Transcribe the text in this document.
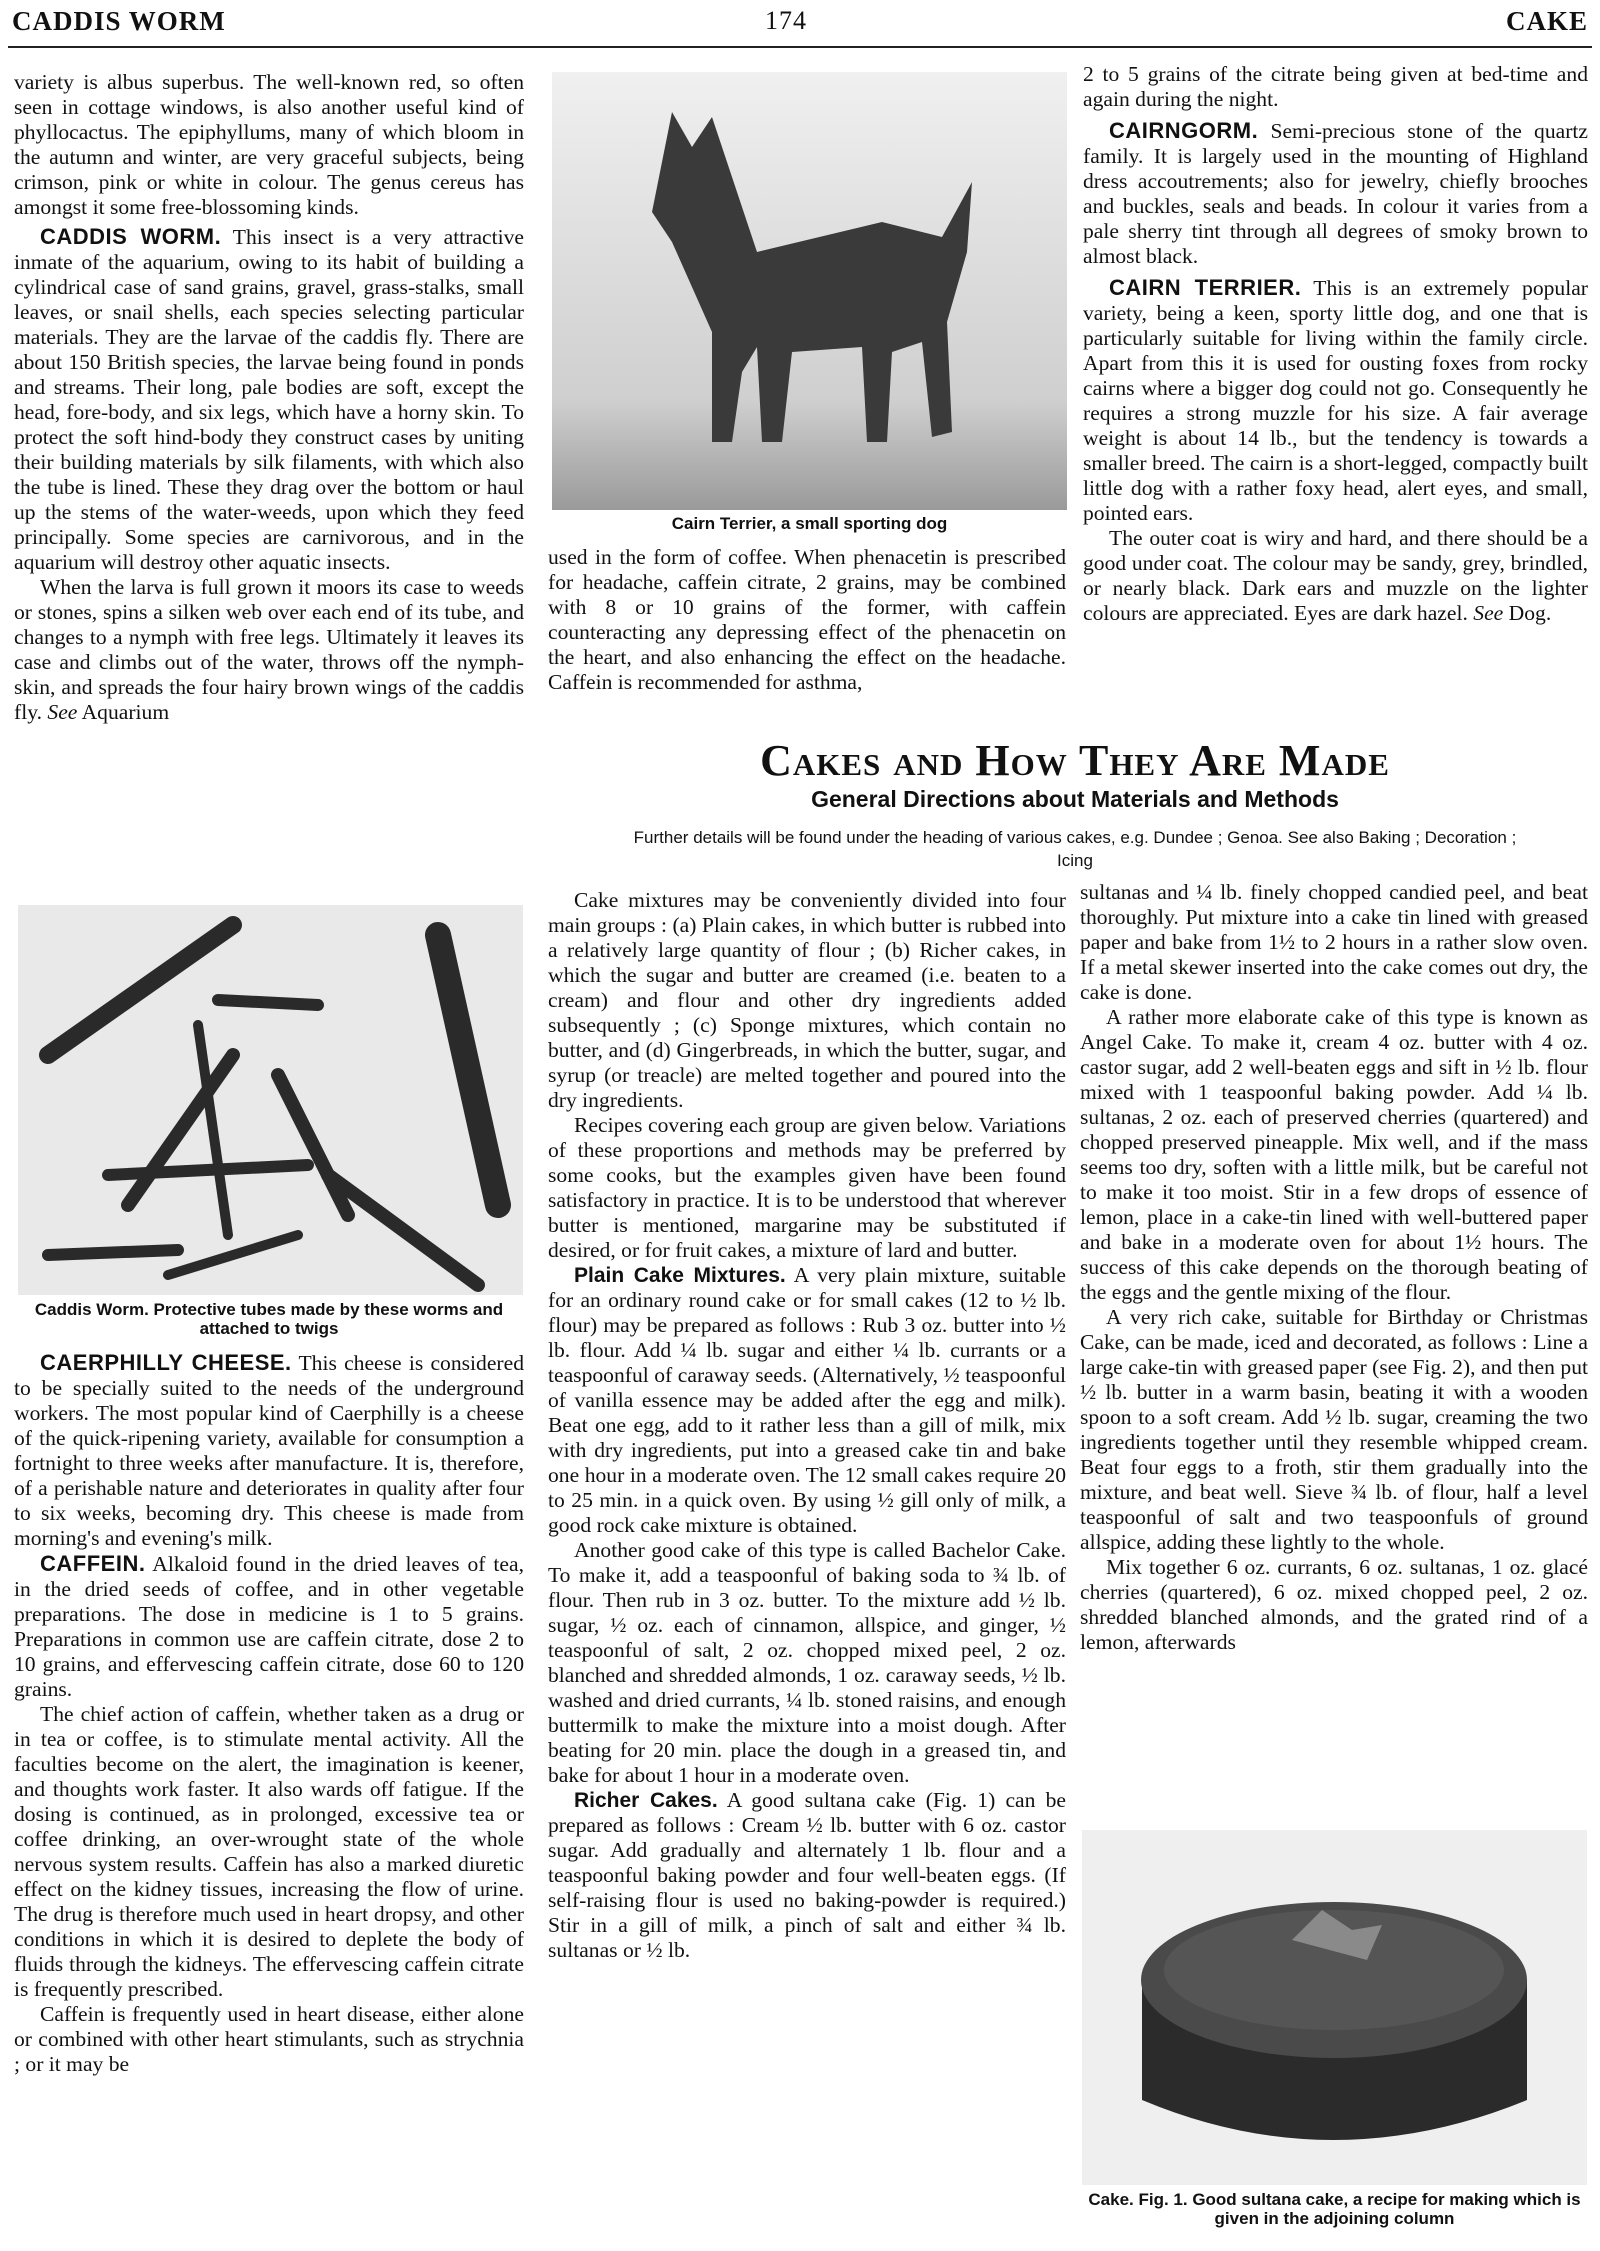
CADDIS WORM	174	CAKE

variety is albus superbus. The well-known red, so often seen in cottage windows, is also another useful kind of phyllocactus. The epiphyllums, many of which bloom in the autumn and winter, are very graceful subjects, being crimson, pink or white in colour. The genus cereus has amongst it some free-blossoming kinds.

CADDIS WORM. This insect is a very attractive inmate of the aquarium, owing to its habit of building a cylindrical case of sand grains, gravel, grass-stalks, small leaves, or snail shells, each species selecting particular materials. They are the larvae of the caddis fly. There are about 150 British species, the larvae being found in ponds and streams. Their long, pale bodies are soft, except the head, fore-body, and six legs, which have a horny skin. To protect the soft hind-body they construct cases by uniting their building materials by silk filaments, with which also the tube is lined. These they drag over the bottom or haul up the stems of the water-weeds, upon which they feed principally. Some species are carnivorous, and in the aquarium will destroy other aquatic insects.

When the larva is full grown it moors its case to weeds or stones, spins a silken web over each end of its tube, and changes to a nymph with free legs. Ultimately it leaves its case and climbs out of the water, throws off the nymph-skin, and spreads the four hairy brown wings of the caddis fly. See Aquarium

Caddis Worm. Protective tubes made by these worms and attached to twigs

CAERPHILLY CHEESE. This cheese is considered to be specially suited to the needs of the underground workers. The most popular kind of Caerphilly is a cheese of the quick-ripening variety, available for consumption a fortnight to three weeks after manufacture. It is, therefore, of a perishable nature and deteriorates in quality after four to six weeks, becoming dry. This cheese is made from morning's and evening's milk.

CAFFEIN. Alkaloid found in the dried leaves of tea, in the dried seeds of coffee, and in other vegetable preparations. The dose in medicine is 1 to 5 grains. Preparations in common use are caffein citrate, dose 2 to 10 grains, and effervescing caffein citrate, dose 60 to 120 grains.

The chief action of caffein, whether taken as a drug or in tea or coffee, is to stimulate mental activity. All the faculties become on the alert, the imagination is keener, and thoughts work faster. It also wards off fatigue. If the dosing is continued, as in prolonged, excessive tea or coffee drinking, an over-wrought state of the whole nervous system results. Caffein has also a marked diuretic effect on the kidney tissues, increasing the flow of urine. The drug is therefore much used in heart dropsy, and other conditions in which it is desired to deplete the body of fluids through the kidneys. The effervescing caffein citrate is frequently prescribed.

Caffein is frequently used in heart disease, either alone or combined with other heart stimulants, such as strychnia ; or it may be

Cairn Terrier, a small sporting dog

used in the form of coffee. When phenacetin is prescribed for headache, caffein citrate, 2 grains, may be combined with 8 or 10 grains of the former, with caffein counteracting any depressing effect of the phenacetin on the heart, and also enhancing the effect on the headache. Caffein is recommended for asthma,

2 to 5 grains of the citrate being given at bed-time and again during the night.

CAIRNGORM. Semi-precious stone of the quartz family. It is largely used in the mounting of Highland dress accoutrements; also for jewelry, chiefly brooches and buckles, seals and beads. In colour it varies from a pale sherry tint through all degrees of smoky brown to almost black.

CAIRN TERRIER. This is an extremely popular variety, being a keen, sporty little dog, and one that is particularly suitable for living within the family circle. Apart from this it is used for ousting foxes from rocky cairns where a bigger dog could not go. Consequently he requires a strong muzzle for his size. A fair average weight is about 14 lb., but the tendency is towards a smaller breed. The cairn is a short-legged, compactly built little dog with a rather foxy head, alert eyes, and small, pointed ears.

The outer coat is wiry and hard, and there should be a good under coat. The colour may be sandy, grey, brindled, or nearly black. Dark ears and muzzle on the lighter colours are appreciated. Eyes are dark hazel. See Dog.

Cakes and How They Are Made
General Directions about Materials and Methods
Further details will be found under the heading of various cakes, e.g. Dundee ; Genoa. See also Baking ; Decoration ; Icing

Cake mixtures may be conveniently divided into four main groups : (a) Plain cakes, in which butter is rubbed into a relatively large quantity of flour ; (b) Richer cakes, in which the sugar and butter are creamed (i.e. beaten to a cream) and flour and other dry ingredients added subsequently ; (c) Sponge mixtures, which contain no butter, and (d) Gingerbreads, in which the butter, sugar, and syrup (or treacle) are melted together and poured into the dry ingredients.

Recipes covering each group are given below. Variations of these proportions and methods may be preferred by some cooks, but the examples given have been found satisfactory in practice. It is to be understood that wherever butter is mentioned, margarine may be substituted if desired, or for fruit cakes, a mixture of lard and butter.

Plain Cake Mixtures. A very plain mixture, suitable for an ordinary round cake or for small cakes (12 to ½ lb. flour) may be prepared as follows : Rub 3 oz. butter into ½ lb. flour. Add ¼ lb. sugar and either ¼ lb. currants or a teaspoonful of caraway seeds. (Alternatively, ½ teaspoonful of vanilla essence may be added after the egg and milk). Beat one egg, add to it rather less than a gill of milk, mix with dry ingredients, put into a greased cake tin and bake one hour in a moderate oven. The 12 small cakes require 20 to 25 min. in a quick oven. By using ½ gill only of milk, a good rock cake mixture is obtained.

Another good cake of this type is called Bachelor Cake. To make it, add a teaspoonful of baking soda to ¾ lb. of flour. Then rub in 3 oz. butter. To the mixture add ½ lb. sugar, ½ oz. each of cinnamon, allspice, and ginger, ½ teaspoonful of salt, 2 oz. chopped mixed peel, 2 oz. blanched and shredded almonds, 1 oz. caraway seeds, ½ lb. washed and dried currants, ¼ lb. stoned raisins, and enough buttermilk to make the mixture into a moist dough. After beating for 20 min. place the dough in a greased tin, and bake for about 1 hour in a moderate oven.

Richer Cakes. A good sultana cake (Fig. 1) can be prepared as follows : Cream ½ lb. butter with 6 oz. castor sugar. Add gradually and alternately 1 lb. flour and a teaspoonful baking powder and four well-beaten eggs. (If self-raising flour is used no baking-powder is required.) Stir in a gill of milk, a pinch of salt and either ¾ lb. sultanas or ½ lb.

sultanas and ¼ lb. finely chopped candied peel, and beat thoroughly. Put mixture into a cake tin lined with greased paper and bake from 1½ to 2 hours in a rather slow oven. If a metal skewer inserted into the cake comes out dry, the cake is done.

A rather more elaborate cake of this type is known as Angel Cake. To make it, cream 4 oz. butter with 4 oz. castor sugar, add 2 well-beaten eggs and sift in ½ lb. flour mixed with 1 teaspoonful baking powder. Add ¼ lb. sultanas, 2 oz. each of preserved cherries (quartered) and chopped preserved pineapple. Mix well, and if the mass seems too dry, soften with a little milk, but be careful not to make it too moist. Stir in a few drops of essence of lemon, place in a cake-tin lined with well-buttered paper and bake in a moderate oven for about 1½ hours. The success of this cake depends on the thorough beating of the eggs and the gentle mixing of the flour.

A very rich cake, suitable for Birthday or Christmas Cake, can be made, iced and decorated, as follows : Line a large cake-tin with greased paper (see Fig. 2), and then put ½ lb. butter in a warm basin, beating it with a wooden spoon to a soft cream. Add ½ lb. sugar, creaming the two ingredients together until they resemble whipped cream. Beat four eggs to a froth, stir them gradually into the mixture, and beat well. Sieve ¾ lb. of flour, half a level teaspoonful of salt and two teaspoonfuls of ground allspice, adding these lightly to the whole.

Mix together 6 oz. currants, 6 oz. sultanas, 1 oz. glacé cherries (quartered), 6 oz. mixed chopped peel, 2 oz. shredded blanched almonds, and the grated rind of a lemon, afterwards

Cake. Fig. 1. Good sultana cake, a recipe for making which is given in the adjoining column
